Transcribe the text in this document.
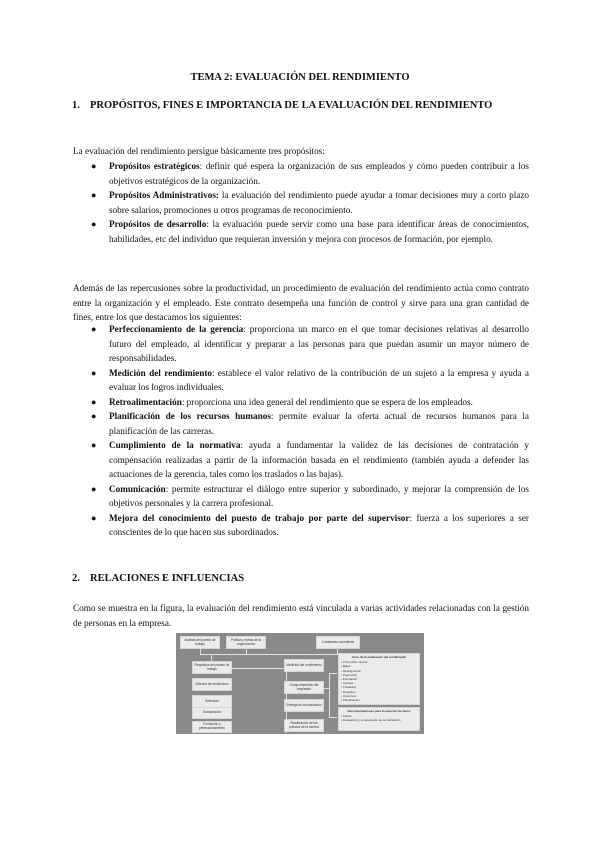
TEMA 2: EVALUACIÓN DEL RENDIMIENTO
1. PROPÓSITOS, FINES E IMPORTANCIA DE LA EVALUACIÓN DEL RENDIMIENTO
La evaluación del rendimiento persigue básicamente tres propósitos:
● Propósitos estratégicos: definir qué espera la organización de sus empleados y cómo pueden contribuir a los objetivos estratégicos de la organización.
● Propósitos Administrativos: la evaluación del rendimiento puede ayudar a tomar decisiones muy a corto plazo sobre salarios, promociones u otros programas de reconocimiento.
● Propósitos de desarrollo: la evaluación puede servir como una base para identificar áreas de conocimientos, habilidades, etc del individuo que requieran inversión y mejora con procesos de formación, por ejemplo.
Además de las repercusiones sobre la productividad, un procedimiento de evaluación del rendimiento actúa como contrato entre la organización y el empleado. Este contrato desempeña una función de control y sirve para una gran cantidad de fines, entre los que destacamos los siguientes:
● Perfeccionamiento de la gerencia: proporciona un marco en el que tomar decisiones relativas al desarrollo futuro del empleado, al identificar y preparar a las personas para que puedan asumir un mayor número de responsabilidades.
● Medición del rendimiento: establece el valor relativo de la contribución de un sujeto a la empresa y ayuda a evaluar los logros individuales.
● Retroalimentación: proporciona una idea general del rendimiento que se espera de los empleados.
● Planificación de los recursos humanos: permite evaluar la oferta actual de recursos humanos para la planificación de las carreras.
● Cumplimiento de la normativa: ayuda a fundamentar la validez de las decisiones de contratación y compensación realizadas a partir de la información basada en el rendimiento (también ayuda a defender las actuaciones de la gerencia, tales como los traslados o las bajas).
● Comunicación: permite estructurar el diálogo entre superior y subordinado, y mejorar la comprensión de los objetivos personales y la carrera profesional.
● Mejora del conocimiento del puesto de trabajo por parte del supervisor: fuerza a los superiores a ser conscientes de lo que hacen sus subordinados.
2. RELACIONES E INFLUENCIAS
Como se muestra en la figura, la evaluación del rendimiento está vinculada a varias actividades relacionadas con la gestión de personas en la empresa.
Análisis del puesto de trabajo
Política y metas de la organización	Cuestiones normativas
Requisitos del puesto de trabajo
Criterios de rendimiento
Selección
Socialización
Formación y perfeccionamiento
Medición del rendimiento
Comportamiento del empleado
Entrega de la evaluación
Planificación de los puestos de la carrera
Usos de la evaluación del rendimiento
• Promoción interna
• Bajas
• Reasignación
• Promoción
• Formación
• Carrera
• Traslados
• Despidos
• Incentivos
• Planificación
Recomendaciones para la elección de datos
• Partes
• Evaluación y comparación de la motivación
